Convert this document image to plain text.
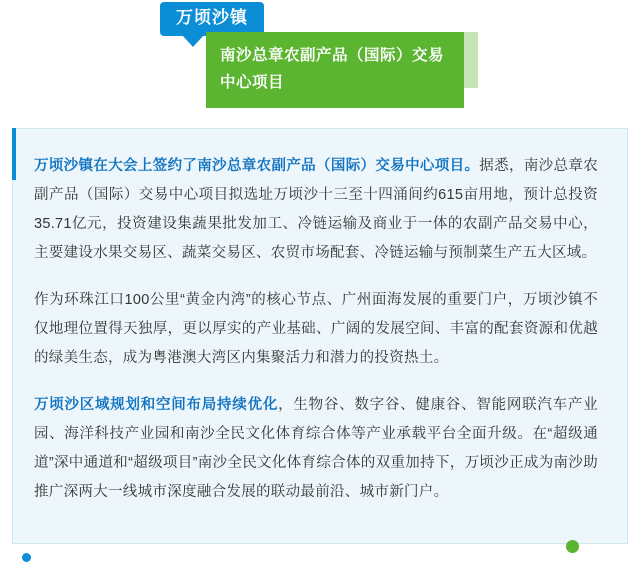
万顷沙镇
南沙总章农副产品（国际）交易中心项目

万顷沙镇在大会上签约了南沙总章农副产品（国际）交易中心项目。据悉，南沙总章农副产品（国际）交易中心项目拟选址万顷沙十三至十四涌间约615亩用地，预计总投资35.71亿元，投资建设集蔬果批发加工、冷链运输及商业于一体的农副产品交易中心，主要建设水果交易区、蔬菜交易区、农贸市场配套、冷链运输与预制菜生产五大区域。

作为环珠江口100公里“黄金内湾”的核心节点、广州面海发展的重要门户，万顷沙镇不仅地理位置得天独厚，更以厚实的产业基础、广阔的发展空间、丰富的配套资源和优越的绿美生态，成为粤港澳大湾区内集聚活力和潜力的投资热土。

万顷沙区域规划和空间布局持续优化，生物谷、数字谷、健康谷、智能网联汽车产业园、海洋科技产业园和南沙全民文化体育综合体等产业承载平台全面升级。在“超级通道”深中通道和“超级项目”南沙全民文化体育综合体的双重加持下，万顷沙正成为南沙助推广深两大一线城市深度融合发展的联动最前沿、城市新门户。
